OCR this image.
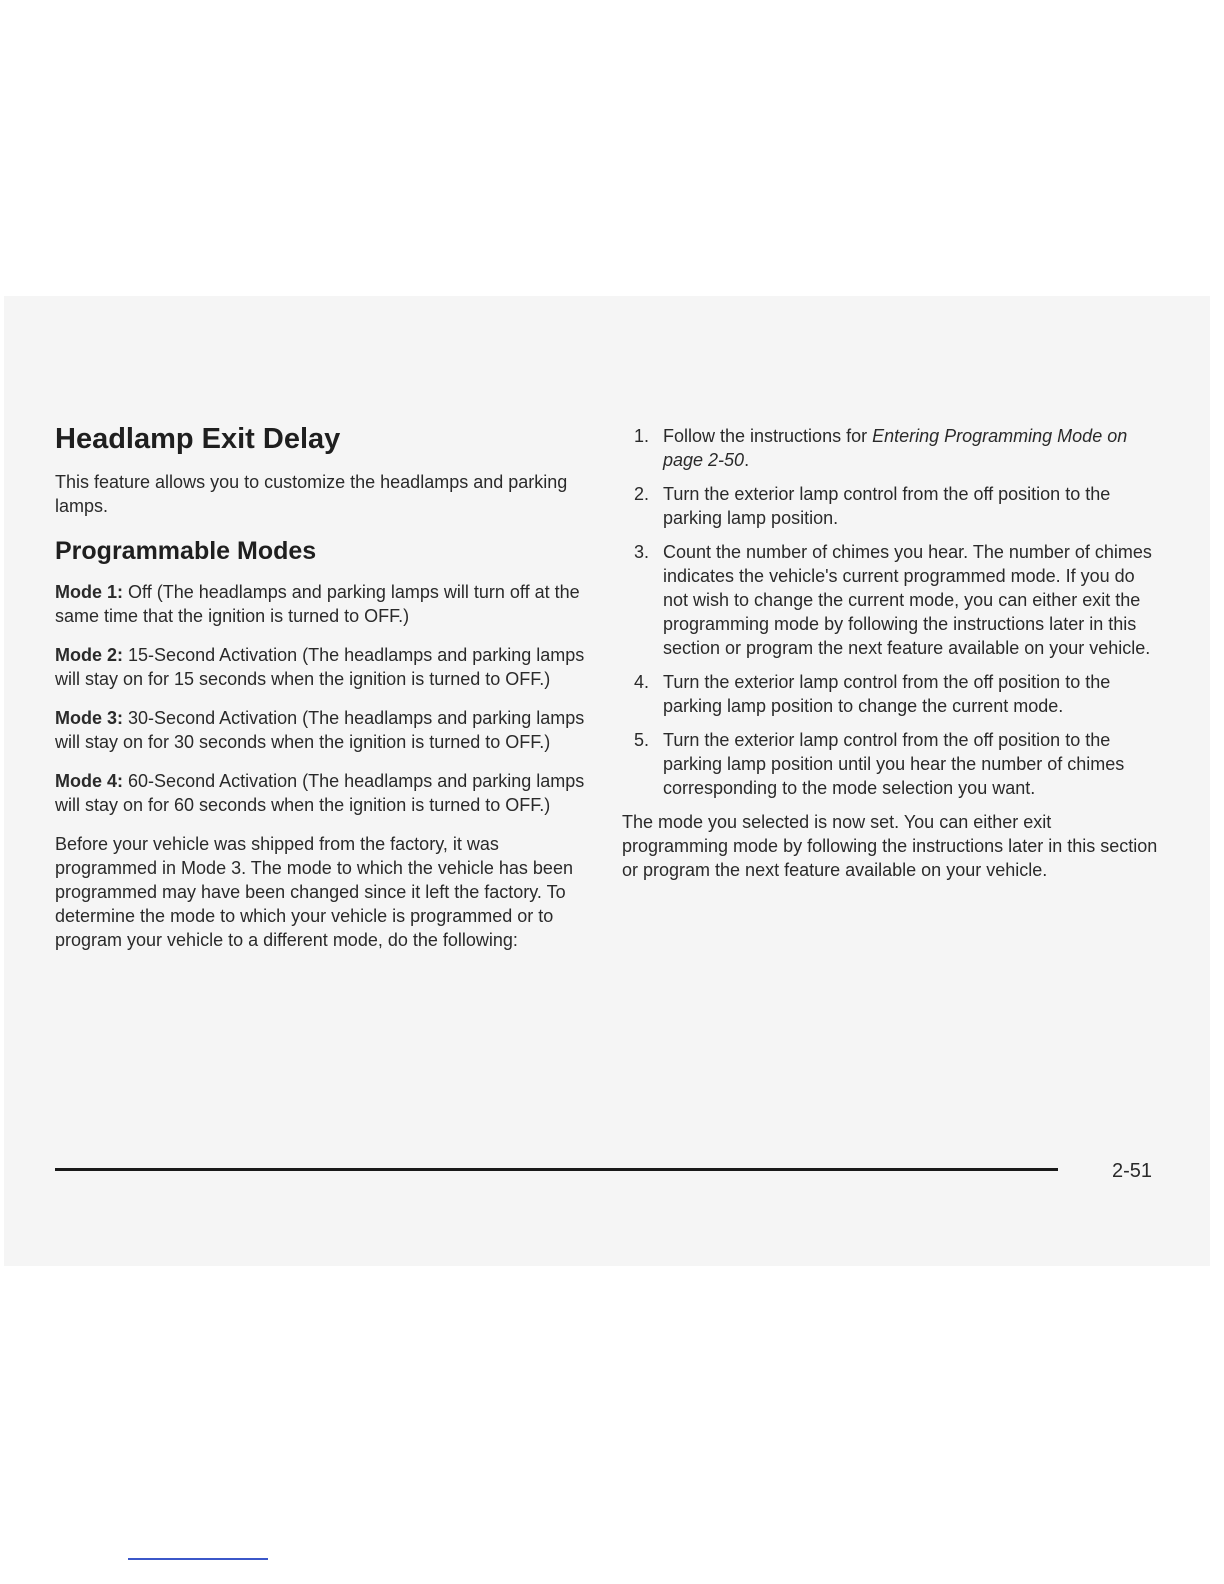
Headlamp Exit Delay

This feature allows you to customize the headlamps and parking lamps.

Programmable Modes

Mode 1: Off (The headlamps and parking lamps will turn off at the same time that the ignition is turned to OFF.)

Mode 2: 15-Second Activation (The headlamps and parking lamps will stay on for 15 seconds when the ignition is turned to OFF.)

Mode 3: 30-Second Activation (The headlamps and parking lamps will stay on for 30 seconds when the ignition is turned to OFF.)

Mode 4: 60-Second Activation (The headlamps and parking lamps will stay on for 60 seconds when the ignition is turned to OFF.)

Before your vehicle was shipped from the factory, it was programmed in Mode 3. The mode to which the vehicle has been programmed may have been changed since it left the factory. To determine the mode to which your vehicle is programmed or to program your vehicle to a different mode, do the following:

1. Follow the instructions for Entering Programming Mode on page 2-50.
2. Turn the exterior lamp control from the off position to the parking lamp position.
3. Count the number of chimes you hear. The number of chimes indicates the vehicle's current programmed mode. If you do not wish to change the current mode, you can either exit the programming mode by following the instructions later in this section or program the next feature available on your vehicle.
4. Turn the exterior lamp control from the off position to the parking lamp position to change the current mode.
5. Turn the exterior lamp control from the off position to the parking lamp position until you hear the number of chimes corresponding to the mode selection you want.

The mode you selected is now set. You can either exit programming mode by following the instructions later in this section or program the next feature available on your vehicle.

2-51
